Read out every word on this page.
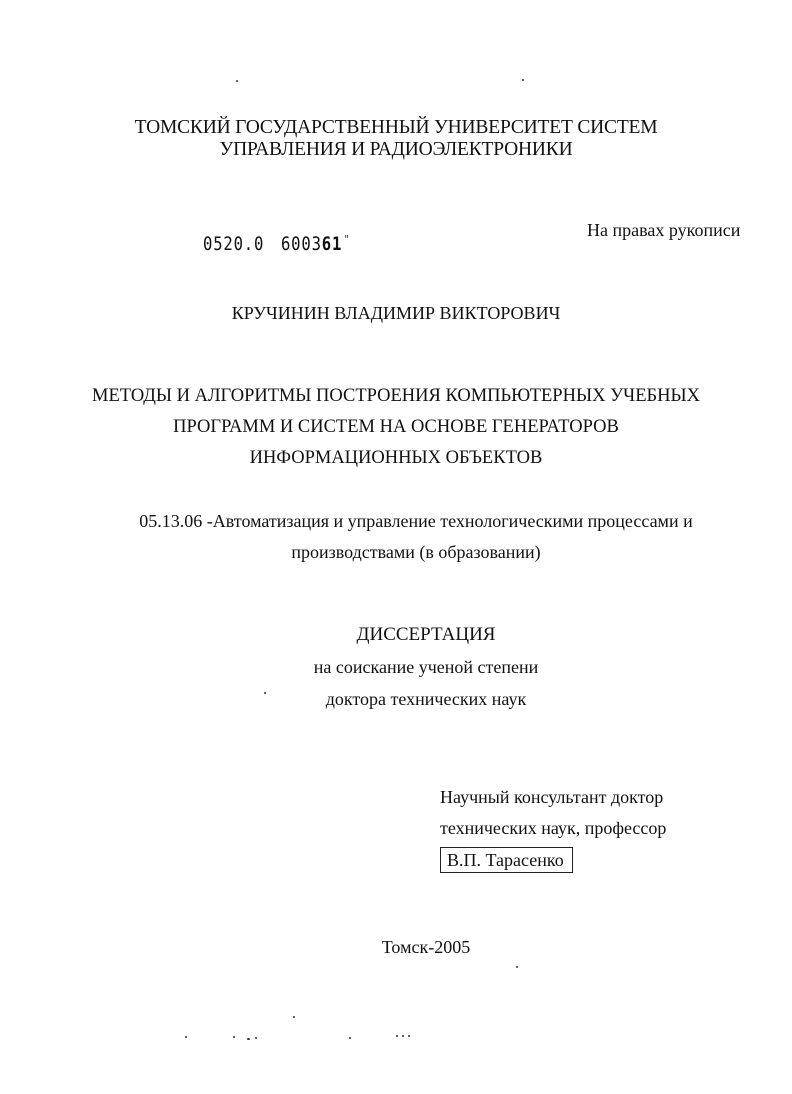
ТОМСКИЙ ГОСУДАРСТВЕННЫЙ УНИВЕРСИТЕТ СИСТЕМ
УПРАВЛЕНИЯ И РАДИОЭЛЕКТРОНИКИ
0520.0 600361 "	На правах рукописи
КРУЧИНИН ВЛАДИМИР ВИКТОРОВИЧ
МЕТОДЫ И АЛГОРИТМЫ ПОСТРОЕНИЯ КОМПЬЮТЕРНЫХ УЧЕБНЫХ
ПРОГРАММ И СИСТЕМ НА ОСНОВЕ ГЕНЕРАТОРОВ
ИНФОРМАЦИОННЫХ ОБЪЕКТОВ
05.13.06 -Автоматизация и управление технологическими процессами и
производствами (в образовании)
ДИССЕРТАЦИЯ
на соискание ученой степени
доктора технических наук
Научный консультант доктор
технических наук, профессор
В.П. Тарасенко
Томск-2005
